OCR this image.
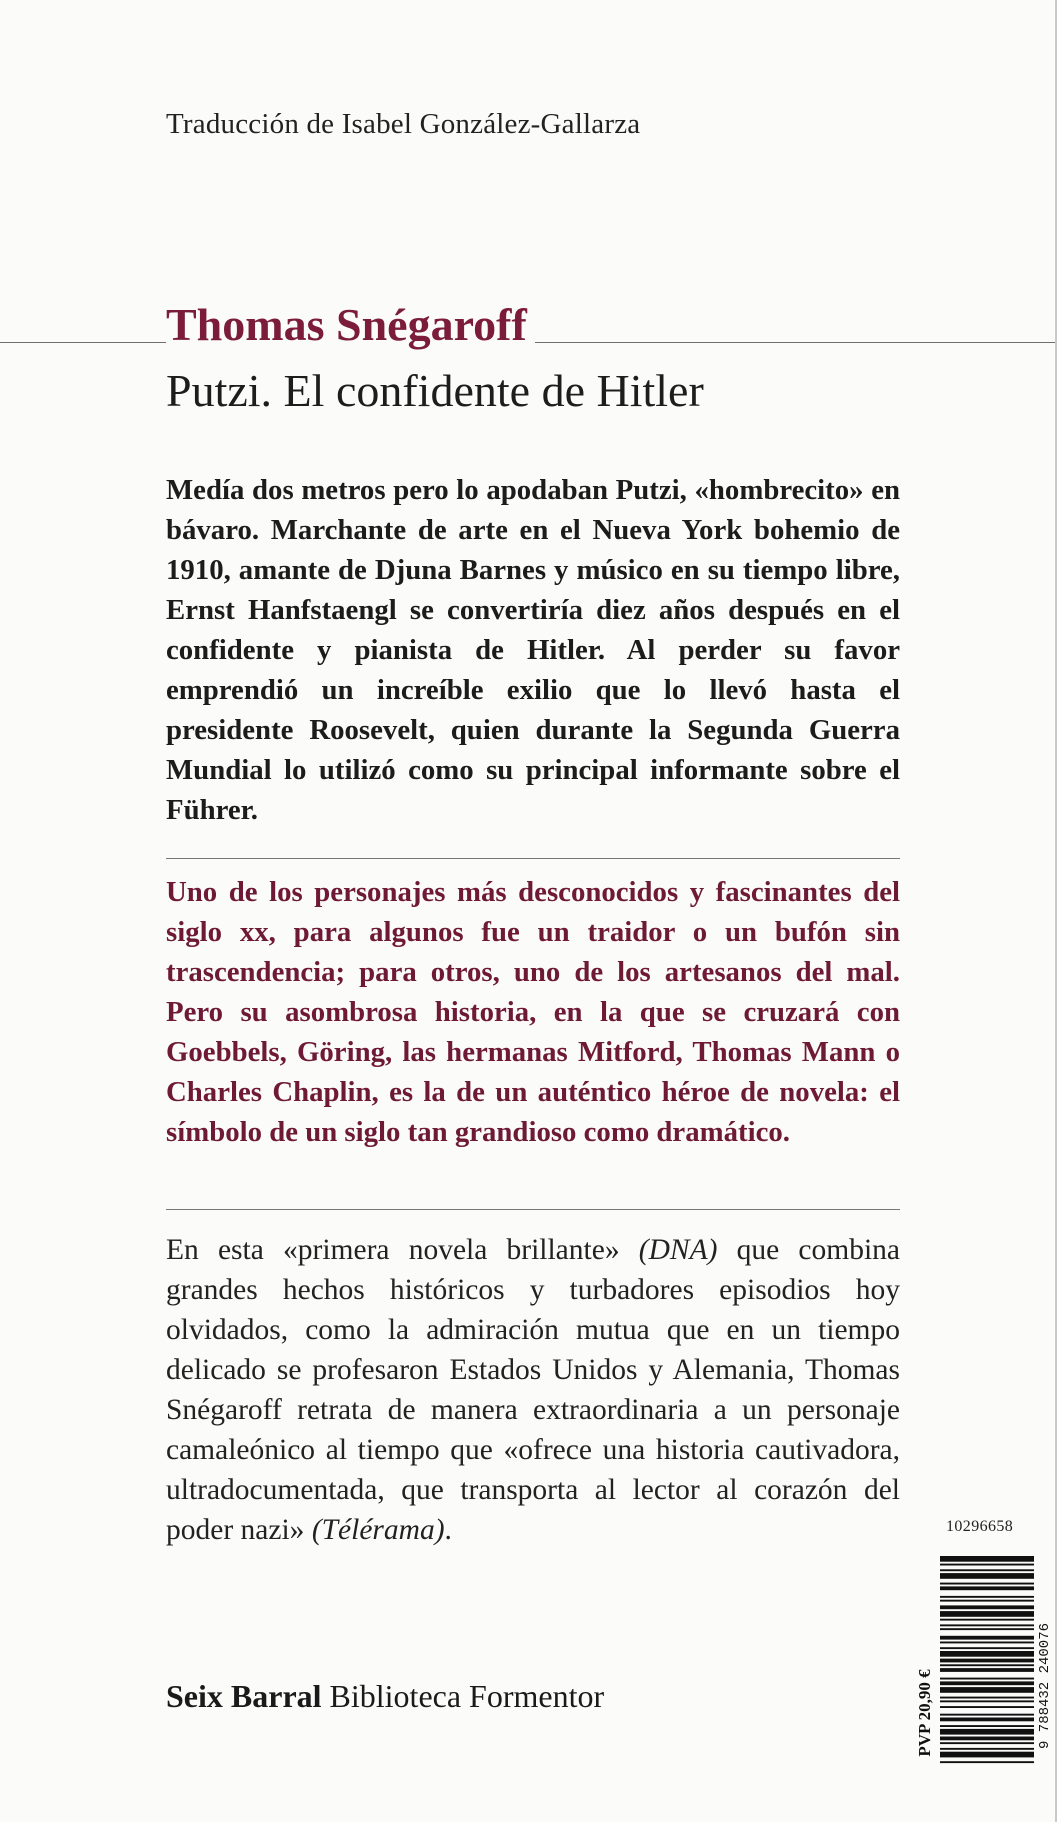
Traducción de Isabel González-Gallarza
Thomas Snégaroff
Putzi. El confidente de Hitler

Medía dos metros pero lo apodaban Putzi, «hombrecito» en bávaro. Marchante de arte en el Nueva York bohemio de 1910, amante de Djuna Barnes y músico en su tiempo libre, Ernst Hanfstaengl se convertiría diez años después en el confidente y pianista de Hitler. Al perder su favor emprendió un increíble exilio que lo llevó hasta el presidente Roosevelt, quien durante la Segunda Guerra Mundial lo utilizó como su principal informante sobre el Führer.

Uno de los personajes más desconocidos y fascinantes del siglo xx, para algunos fue un traidor o un bufón sin trascendencia; para otros, uno de los artesanos del mal. Pero su asombrosa historia, en la que se cruzará con Goebbels, Göring, las hermanas Mitford, Thomas Mann o Charles Chaplin, es la de un auténtico héroe de novela: el símbolo de un siglo tan grandioso como dramático.

En esta «primera novela brillante» (DNA) que combina grandes hechos históricos y turbadores episodios hoy olvidados, como la admiración mutua que en un tiempo delicado se profesaron Estados Unidos y Alemania, Thomas Snégaroff retrata de manera extraordinaria a un personaje camaleónico al tiempo que «ofrece una historia cautivadora, ultradocumentada, que transporta al lector al corazón del poder nazi» (Télérama).

Seix Barral Biblioteca Formentor
10296658
PVP 20,90 €	9 788432 240076
